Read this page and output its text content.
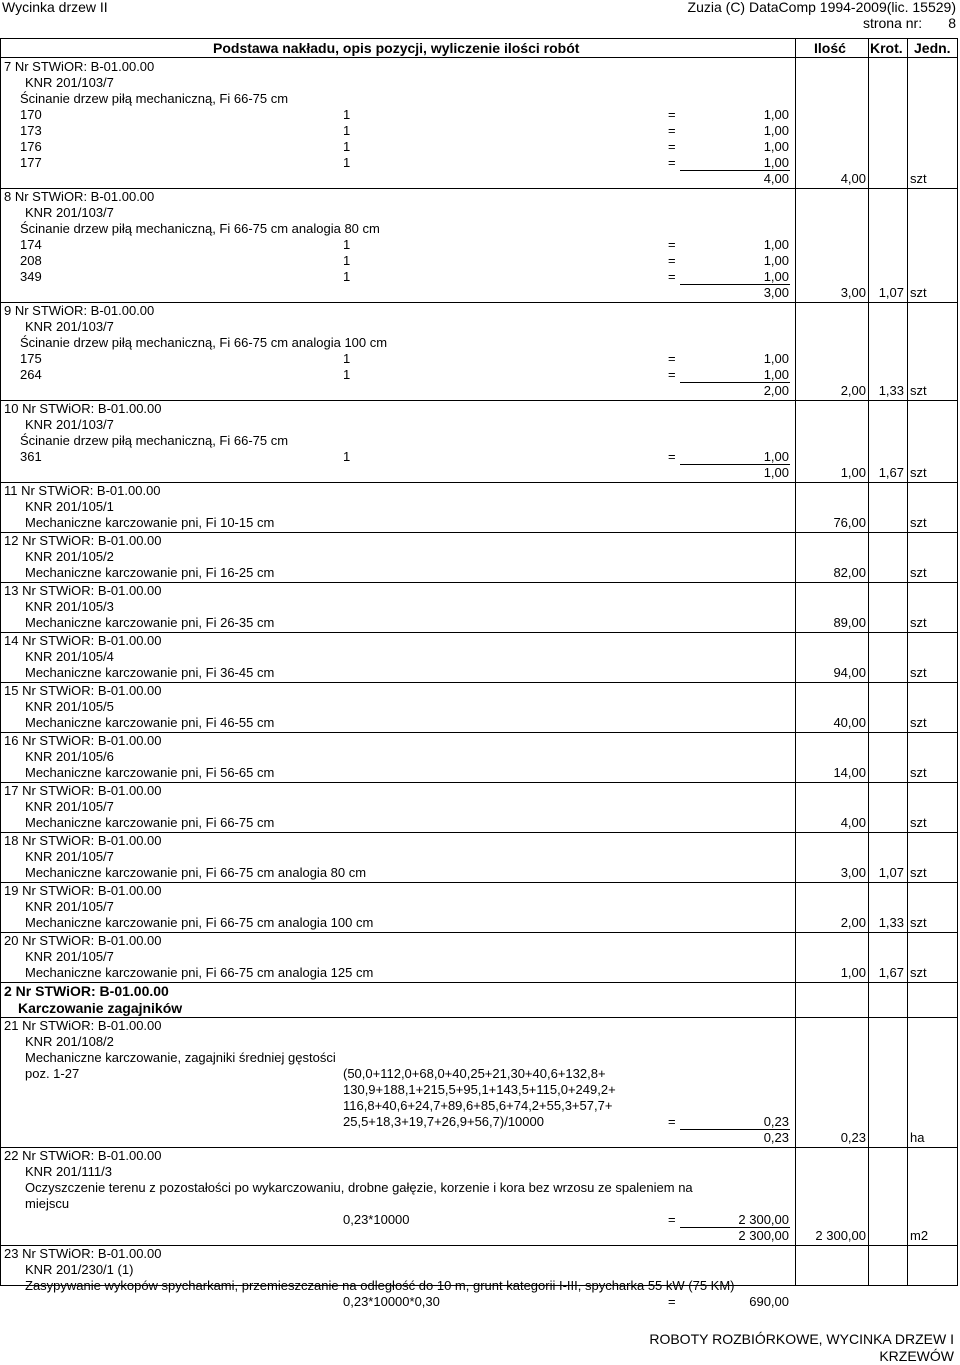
Wycinka drzew II	Zuzia (C) DataComp 1994-2009(lic. 15529)
strona nr: 8
Podstawa nakładu, opis pozycji, wyliczenie ilości robót	Ilość Krot. Jedn.
7 Nr STWiOR: B-01.00.00
KNR 201/103/7
Ścinanie drzew piłą mechaniczną, Fi 66-75 cm
170	1	=	1,00
173	1	=	1,00
176	1	=	1,00
177	1	=	1,00
4,00	4,00	szt
8 Nr STWiOR: B-01.00.00
KNR 201/103/7
Ścinanie drzew piłą mechaniczną, Fi 66-75 cm analogia 80 cm
174	1	=	1,00
208	1	=	1,00
349	1	=	1,00
3,00	3,00 1,07 szt
9 Nr STWiOR: B-01.00.00
KNR 201/103/7
Ścinanie drzew piłą mechaniczną, Fi 66-75 cm analogia 100 cm
175	1	=	1,00
264	1	=	1,00
2,00	2,00 1,33 szt
10 Nr STWiOR: B-01.00.00
KNR 201/103/7
Ścinanie drzew piłą mechaniczną, Fi 66-75 cm
361	1	=	1,00
1,00	1,00 1,67 szt
11 Nr STWiOR: B-01.00.00
KNR 201/105/1
Mechaniczne karczowanie pni, Fi 10-15 cm	76,00	szt
12 Nr STWiOR: B-01.00.00
KNR 201/105/2
Mechaniczne karczowanie pni, Fi 16-25 cm	82,00	szt
13 Nr STWiOR: B-01.00.00
KNR 201/105/3
Mechaniczne karczowanie pni, Fi 26-35 cm	89,00	szt
14 Nr STWiOR: B-01.00.00
KNR 201/105/4
Mechaniczne karczowanie pni, Fi 36-45 cm	94,00	szt
15 Nr STWiOR: B-01.00.00
KNR 201/105/5
Mechaniczne karczowanie pni, Fi 46-55 cm	40,00	szt
16 Nr STWiOR: B-01.00.00
KNR 201/105/6
Mechaniczne karczowanie pni, Fi 56-65 cm	14,00	szt
17 Nr STWiOR: B-01.00.00
KNR 201/105/7
Mechaniczne karczowanie pni, Fi 66-75 cm	4,00	szt
18 Nr STWiOR: B-01.00.00
KNR 201/105/7
Mechaniczne karczowanie pni, Fi 66-75 cm analogia 80 cm	3,00 1,07 szt
19 Nr STWiOR: B-01.00.00
KNR 201/105/7
Mechaniczne karczowanie pni, Fi 66-75 cm analogia 100 cm	2,00 1,33 szt
20 Nr STWiOR: B-01.00.00
KNR 201/105/7
Mechaniczne karczowanie pni, Fi 66-75 cm analogia 125 cm	1,00 1,67 szt
2 Nr STWiOR: B-01.00.00
Karczowanie zagajników
21 Nr STWiOR: B-01.00.00
KNR 201/108/2
Mechaniczne karczowanie, zagajniki średniej gęstości
poz. 1-27	(50,0+112,0+68,0+40,25+21,30+40,6+132,8+
130,9+188,1+215,5+95,1+143,5+115,0+249,2+
116,8+40,6+24,7+89,6+85,6+74,2+55,3+57,7+
25,5+18,3+19,7+26,9+56,7)/10000	=	0,23
0,23	0,23	ha
22 Nr STWiOR: B-01.00.00
KNR 201/111/3
Oczyszczenie terenu z pozostałości po wykarczowaniu, drobne gałęzie, korzenie i kora bez wrzosu ze spaleniem na
miejscu
0,23*10000	=	2 300,00
2 300,00	2 300,00	m2
23 Nr STWiOR: B-01.00.00
KNR 201/230/1 (1)
Zasypywanie wykopów spycharkami, przemieszczanie na odległość do 10 m, grunt kategorii I-III, spycharka 55 kW (75 KM)
0,23*10000*0,30	=	690,00
ROBOTY ROZBIÓRKOWE, WYCINKA DRZEW I
KRZEWÓW
